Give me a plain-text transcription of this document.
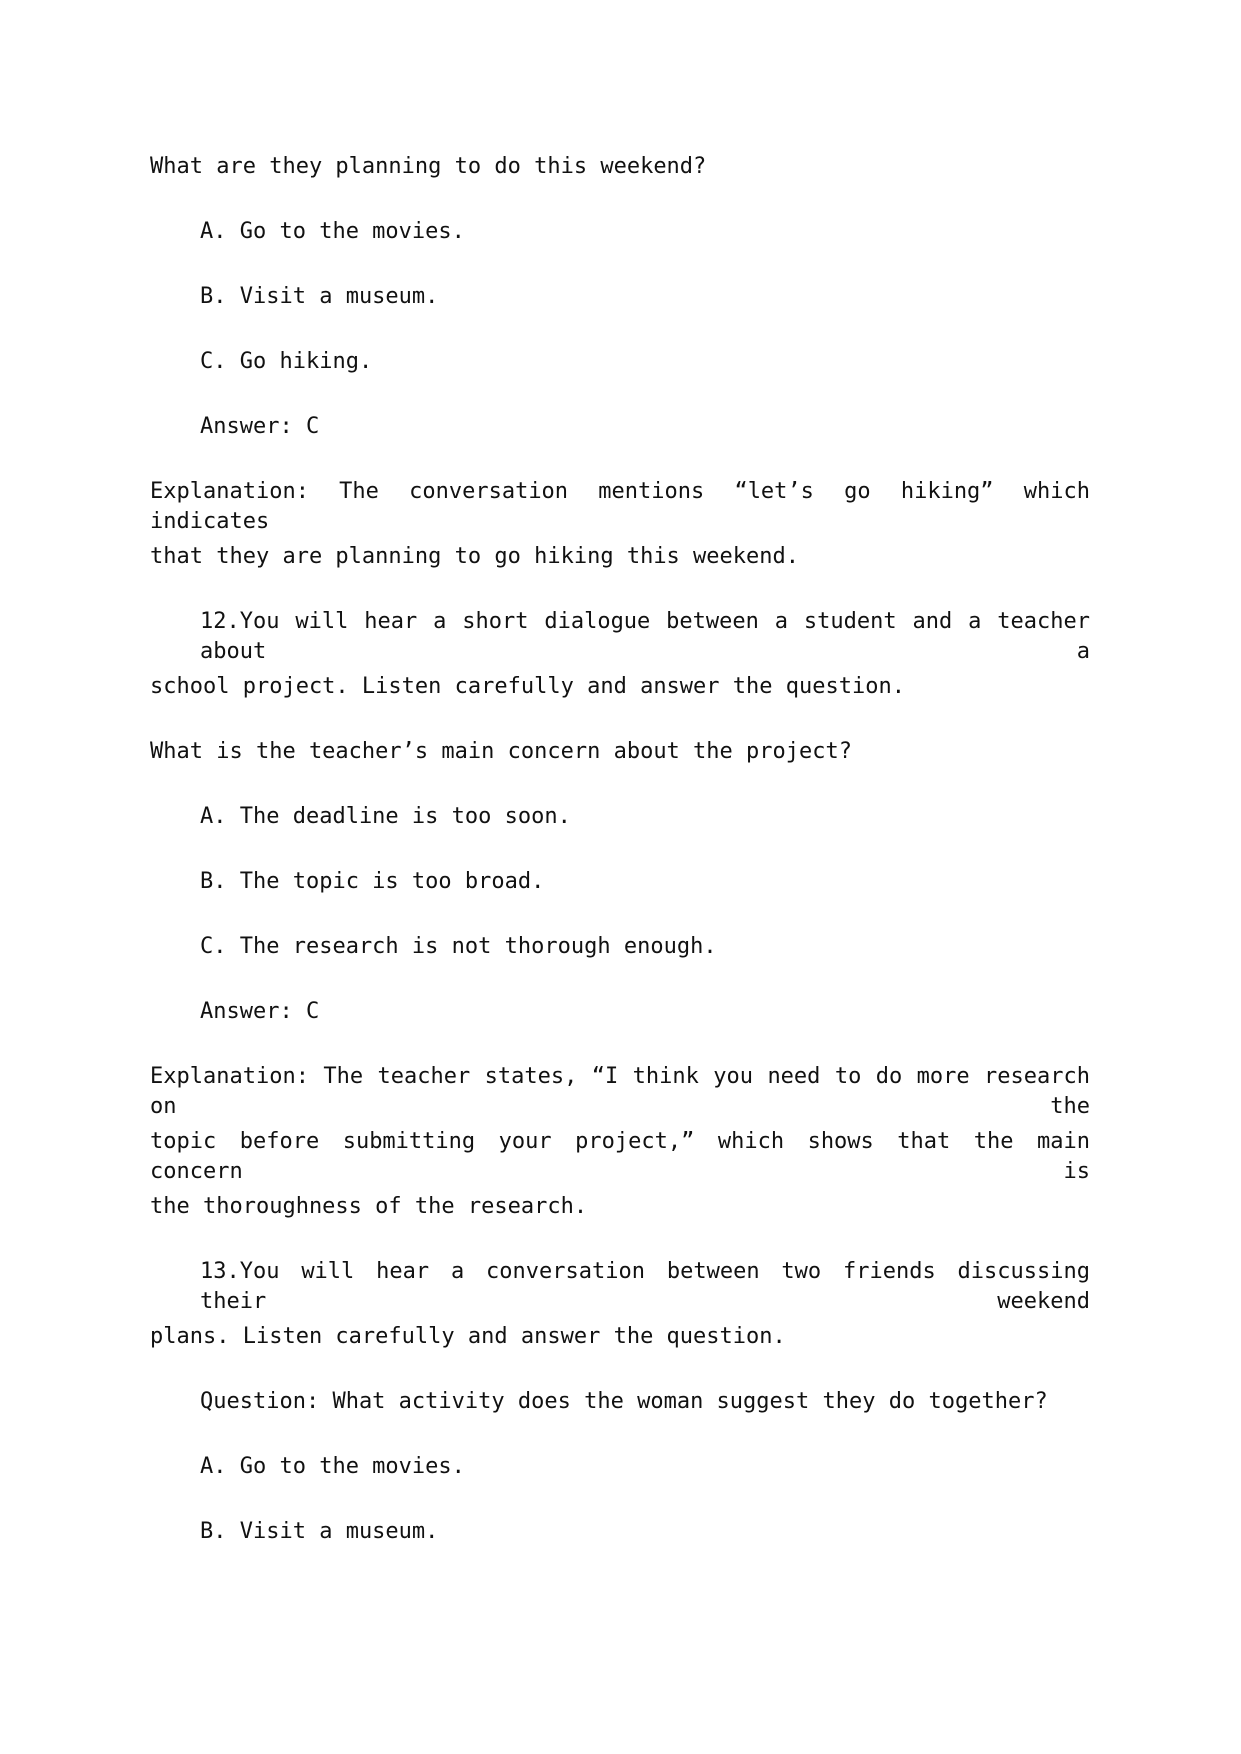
What are they planning to do this weekend?
A. Go to the movies.
B. Visit a museum.
C. Go hiking.
Answer: C
Explanation: The conversation mentions “let’s go hiking” which indicates
that they are planning to go hiking this weekend.
12.You will hear a short dialogue between a student and a teacher about a
school project. Listen carefully and answer the question.
What is the teacher’s main concern about the project?
A. The deadline is too soon.
B. The topic is too broad.
C. The research is not thorough enough.
Answer: C
Explanation: The teacher states, “I think you need to do more research on the
topic before submitting your project,” which shows that the main concern is
the thoroughness of the research.
13.You will hear a conversation between two friends discussing their weekend
plans. Listen carefully and answer the question.
Question: What activity does the woman suggest they do together?
A. Go to the movies.
B. Visit a museum.
